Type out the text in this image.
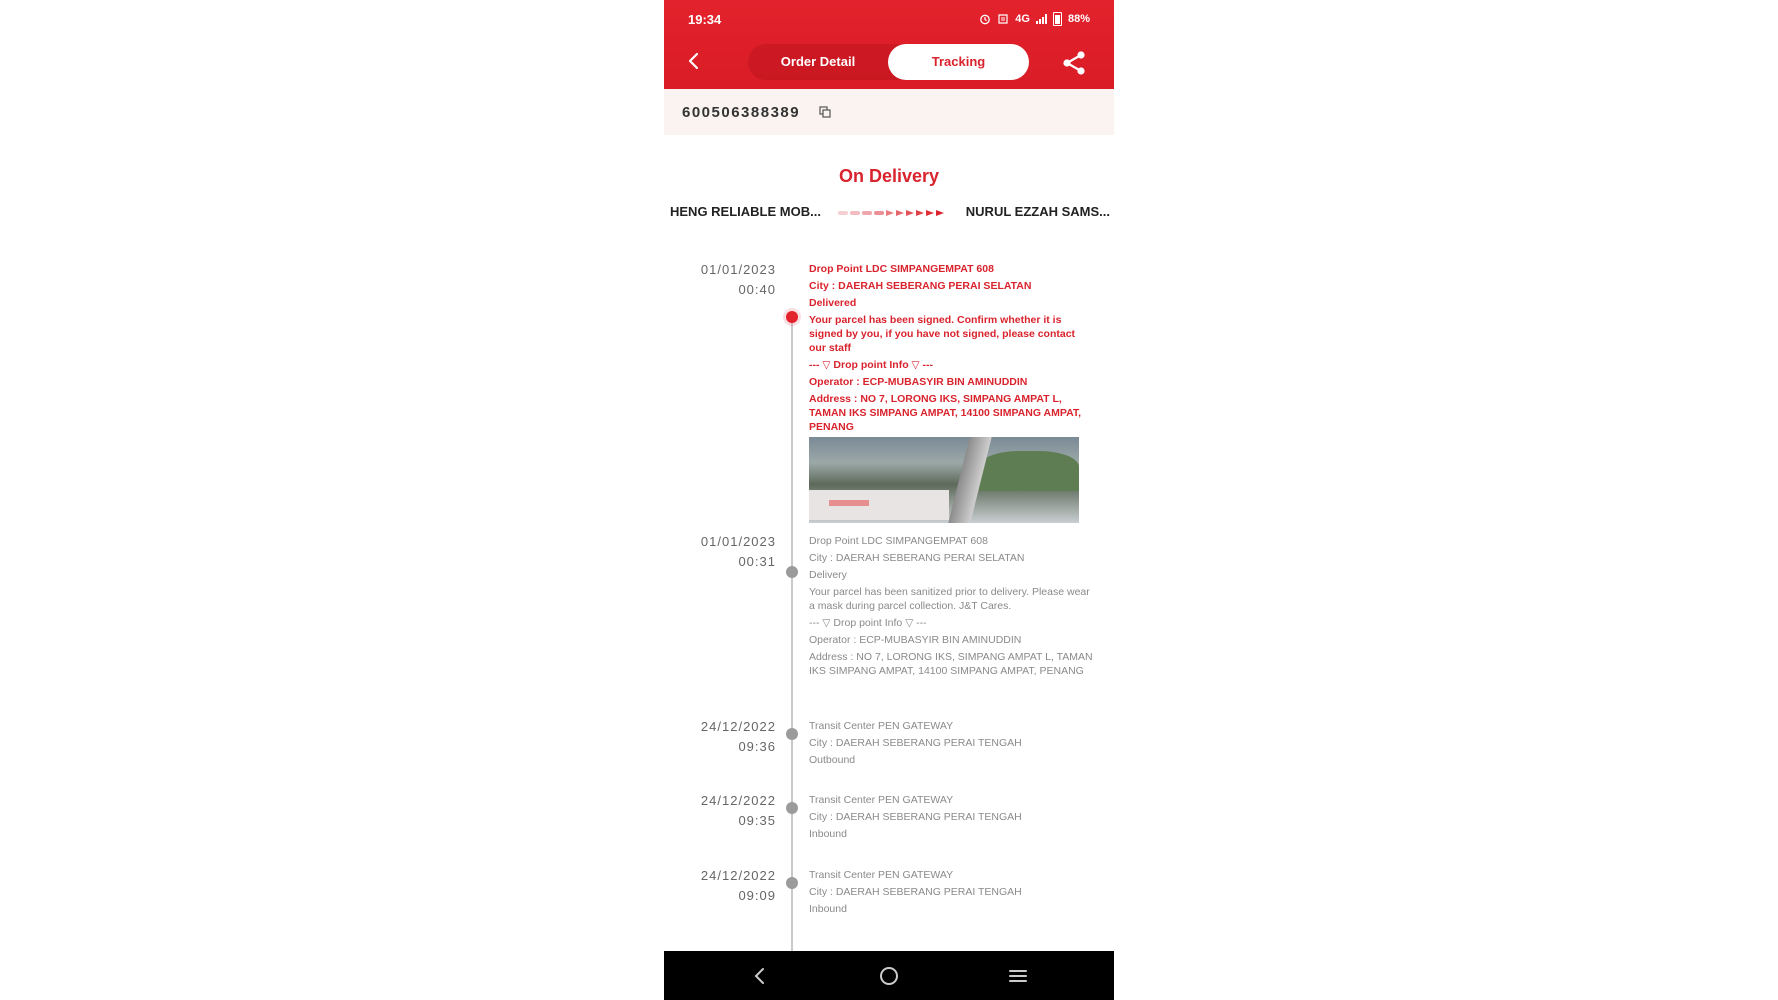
19:34	4G	88%
Order Detail	Tracking
600506388389
On Delivery
HENG RELIABLE MOB...	NURUL EZZAH SAMS...
01/01/2023
00:40
Drop Point LDC SIMPANGEMPAT 608
City : DAERAH SEBERANG PERAI SELATAN
Delivered
Your parcel has been signed. Confirm whether it is signed by you, if you have not signed, please contact our staff
--- ▽ Drop point Info ▽ ---
Operator : ECP-MUBASYIR BIN AMINUDDIN
Address : NO 7, LORONG IKS, SIMPANG AMPAT L, TAMAN IKS SIMPANG AMPAT, 14100 SIMPANG AMPAT, PENANG
01/01/2023
00:31
Drop Point LDC SIMPANGEMPAT 608
City : DAERAH SEBERANG PERAI SELATAN
Delivery
Your parcel has been sanitized prior to delivery. Please wear a mask during parcel collection. J&T Cares.
--- ▽ Drop point Info ▽ ---
Operator : ECP-MUBASYIR BIN AMINUDDIN
Address : NO 7, LORONG IKS, SIMPANG AMPAT L, TAMAN IKS SIMPANG AMPAT, 14100 SIMPANG AMPAT, PENANG
24/12/2022
09:36
Transit Center PEN GATEWAY
City : DAERAH SEBERANG PERAI TENGAH
Outbound
24/12/2022
09:35
Transit Center PEN GATEWAY
City : DAERAH SEBERANG PERAI TENGAH
Inbound
24/12/2022
09:09
Transit Center PEN GATEWAY
City : DAERAH SEBERANG PERAI TENGAH
Inbound
